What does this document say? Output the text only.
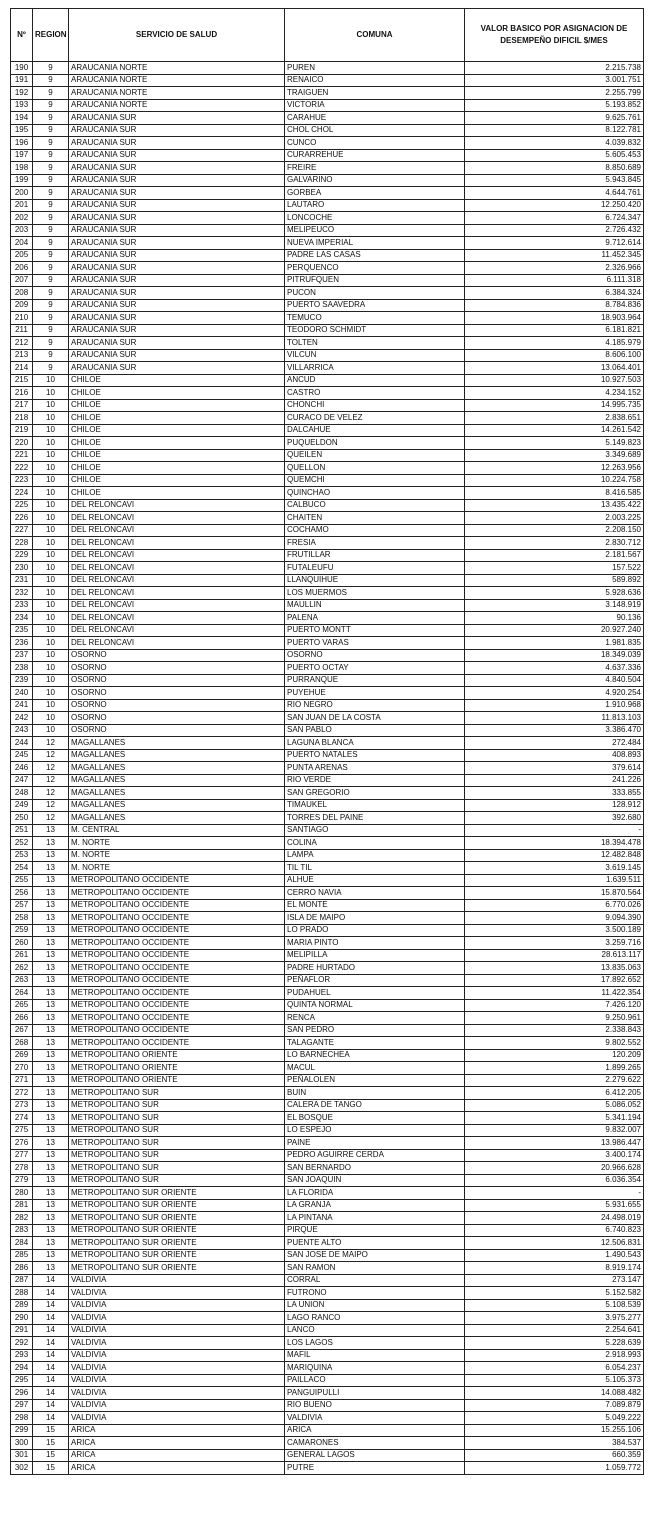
Nº	REGION	SERVICIO DE SALUD	COMUNA	VALOR BASICO POR ASIGNACION DE DESEMPEÑO DIFICIL $/MES
190	9	ARAUCANIA NORTE	PUREN	2.215.738
191	9	ARAUCANIA NORTE	RENAICO	3.001.751
192	9	ARAUCANIA NORTE	TRAIGUEN	2.255.799
193	9	ARAUCANIA NORTE	VICTORIA	5.193.852
194	9	ARAUCANIA SUR	CARAHUE	9.625.761
195	9	ARAUCANIA SUR	CHOL CHOL	8.122.781
196	9	ARAUCANIA SUR	CUNCO	4.039.832
197	9	ARAUCANIA SUR	CURARREHUE	5.605.453
198	9	ARAUCANIA SUR	FREIRE	8.850.689
199	9	ARAUCANIA SUR	GALVARINO	5.943.845
200	9	ARAUCANIA SUR	GORBEA	4.644.761
201	9	ARAUCANIA SUR	LAUTARO	12.250.420
202	9	ARAUCANIA SUR	LONCOCHE	6.724.347
203	9	ARAUCANIA SUR	MELIPEUCO	2.726.432
204	9	ARAUCANIA SUR	NUEVA IMPERIAL	9.712.614
205	9	ARAUCANIA SUR	PADRE LAS CASAS	11.452.345
206	9	ARAUCANIA SUR	PERQUENCO	2.326.966
207	9	ARAUCANIA SUR	PITRUFQUEN	6.111.318
208	9	ARAUCANIA SUR	PUCON	6.384.324
209	9	ARAUCANIA SUR	PUERTO SAAVEDRA	8.784.836
210	9	ARAUCANIA SUR	TEMUCO	18.903.964
211	9	ARAUCANIA SUR	TEODORO SCHMIDT	6.181.821
212	9	ARAUCANIA SUR	TOLTEN	4.185.979
213	9	ARAUCANIA SUR	VILCUN	8.606.100
214	9	ARAUCANIA SUR	VILLARRICA	13.064.401
215	10	CHILOE	ANCUD	10.927.503
216	10	CHILOE	CASTRO	4.234.152
217	10	CHILOE	CHONCHI	14.995.735
218	10	CHILOE	CURACO DE VELEZ	2.838.651
219	10	CHILOE	DALCAHUE	14.261.542
220	10	CHILOE	PUQUELDON	5.149.823
221	10	CHILOE	QUEILEN	3.349.689
222	10	CHILOE	QUELLON	12.263.956
223	10	CHILOE	QUEMCHI	10.224.758
224	10	CHILOE	QUINCHAO	8.416.585
225	10	DEL RELONCAVI	CALBUCO	13.435.422
226	10	DEL RELONCAVI	CHAITEN	2.003.225
227	10	DEL RELONCAVI	COCHAMO	2.208.150
228	10	DEL RELONCAVI	FRESIA	2.830.712
229	10	DEL RELONCAVI	FRUTILLAR	2.181.567
230	10	DEL RELONCAVI	FUTALEUFU	157.522
231	10	DEL RELONCAVI	LLANQUIHUE	589.892
232	10	DEL RELONCAVI	LOS MUERMOS	5.928.636
233	10	DEL RELONCAVI	MAULLIN	3.148.919
234	10	DEL RELONCAVI	PALENA	90.136
235	10	DEL RELONCAVI	PUERTO MONTT	20.927.240
236	10	DEL RELONCAVI	PUERTO VARAS	1.981.835
237	10	OSORNO	OSORNO	18.349.039
238	10	OSORNO	PUERTO OCTAY	4.637.336
239	10	OSORNO	PURRANQUE	4.840.504
240	10	OSORNO	PUYEHUE	4.920.254
241	10	OSORNO	RIO NEGRO	1.910.968
242	10	OSORNO	SAN JUAN DE LA COSTA	11.813.103
243	10	OSORNO	SAN PABLO	3.386.470
244	12	MAGALLANES	LAGUNA BLANCA	272.484
245	12	MAGALLANES	PUERTO NATALES	408.893
246	12	MAGALLANES	PUNTA ARENAS	379.614
247	12	MAGALLANES	RIO VERDE	241.226
248	12	MAGALLANES	SAN GREGORIO	333.855
249	12	MAGALLANES	TIMAUKEL	128.912
250	12	MAGALLANES	TORRES DEL PAINE	392.680
251	13	M. CENTRAL	SANTIAGO	-
252	13	M. NORTE	COLINA	18.394.478
253	13	M. NORTE	LAMPA	12.482.848
254	13	M. NORTE	TIL TIL	3.619.145
255	13	METROPOLITANO OCCIDENTE	ALHUE	1.639.511
256	13	METROPOLITANO OCCIDENTE	CERRO NAVIA	15.870.564
257	13	METROPOLITANO OCCIDENTE	EL MONTE	6.770.026
258	13	METROPOLITANO OCCIDENTE	ISLA DE MAIPO	9.094.390
259	13	METROPOLITANO OCCIDENTE	LO PRADO	3.500.189
260	13	METROPOLITANO OCCIDENTE	MARIA PINTO	3.259.716
261	13	METROPOLITANO OCCIDENTE	MELIPILLA	28.613.117
262	13	METROPOLITANO OCCIDENTE	PADRE HURTADO	13.835.063
263	13	METROPOLITANO OCCIDENTE	PEÑAFLOR	17.892.652
264	13	METROPOLITANO OCCIDENTE	PUDAHUEL	11.422.354
265	13	METROPOLITANO OCCIDENTE	QUINTA NORMAL	7.426.120
266	13	METROPOLITANO OCCIDENTE	RENCA	9.250.961
267	13	METROPOLITANO OCCIDENTE	SAN PEDRO	2.338.843
268	13	METROPOLITANO OCCIDENTE	TALAGANTE	9.802.552
269	13	METROPOLITANO ORIENTE	LO BARNECHEA	120.209
270	13	METROPOLITANO ORIENTE	MACUL	1.899.265
271	13	METROPOLITANO ORIENTE	PEÑALOLEN	2.279.622
272	13	METROPOLITANO SUR	BUIN	6.412.205
273	13	METROPOLITANO SUR	CALERA DE TANGO	5.086.052
274	13	METROPOLITANO SUR	EL BOSQUE	5.341.194
275	13	METROPOLITANO SUR	LO ESPEJO	9.832.007
276	13	METROPOLITANO SUR	PAINE	13.986.447
277	13	METROPOLITANO SUR	PEDRO AGUIRRE CERDA	3.400.174
278	13	METROPOLITANO SUR	SAN BERNARDO	20.966.628
279	13	METROPOLITANO SUR	SAN JOAQUIN	6.036.354
280	13	METROPOLITANO SUR ORIENTE	LA FLORIDA	-
281	13	METROPOLITANO SUR ORIENTE	LA GRANJA	5.931.655
282	13	METROPOLITANO SUR ORIENTE	LA PINTANA	24.498.019
283	13	METROPOLITANO SUR ORIENTE	PIRQUE	6.740.823
284	13	METROPOLITANO SUR ORIENTE	PUENTE ALTO	12.506.831
285	13	METROPOLITANO SUR ORIENTE	SAN JOSE DE MAIPO	1.490.543
286	13	METROPOLITANO SUR ORIENTE	SAN RAMON	8.919.174
287	14	VALDIVIA	CORRAL	273.147
288	14	VALDIVIA	FUTRONO	5.152.582
289	14	VALDIVIA	LA UNION	5.108.539
290	14	VALDIVIA	LAGO RANCO	3.975.277
291	14	VALDIVIA	LANCO	2.254.641
292	14	VALDIVIA	LOS LAGOS	5.228.639
293	14	VALDIVIA	MAFIL	2.918.993
294	14	VALDIVIA	MARIQUINA	6.054.237
295	14	VALDIVIA	PAILLACO	5.105.373
296	14	VALDIVIA	PANGUIPULLI	14.088.482
297	14	VALDIVIA	RIO BUENO	7.089.879
298	14	VALDIVIA	VALDIVIA	5.049.222
299	15	ARICA	ARICA	15.255.106
300	15	ARICA	CAMARONES	384.537
301	15	ARICA	GENERAL LAGOS	660.359
302	15	ARICA	PUTRE	1.059.772
